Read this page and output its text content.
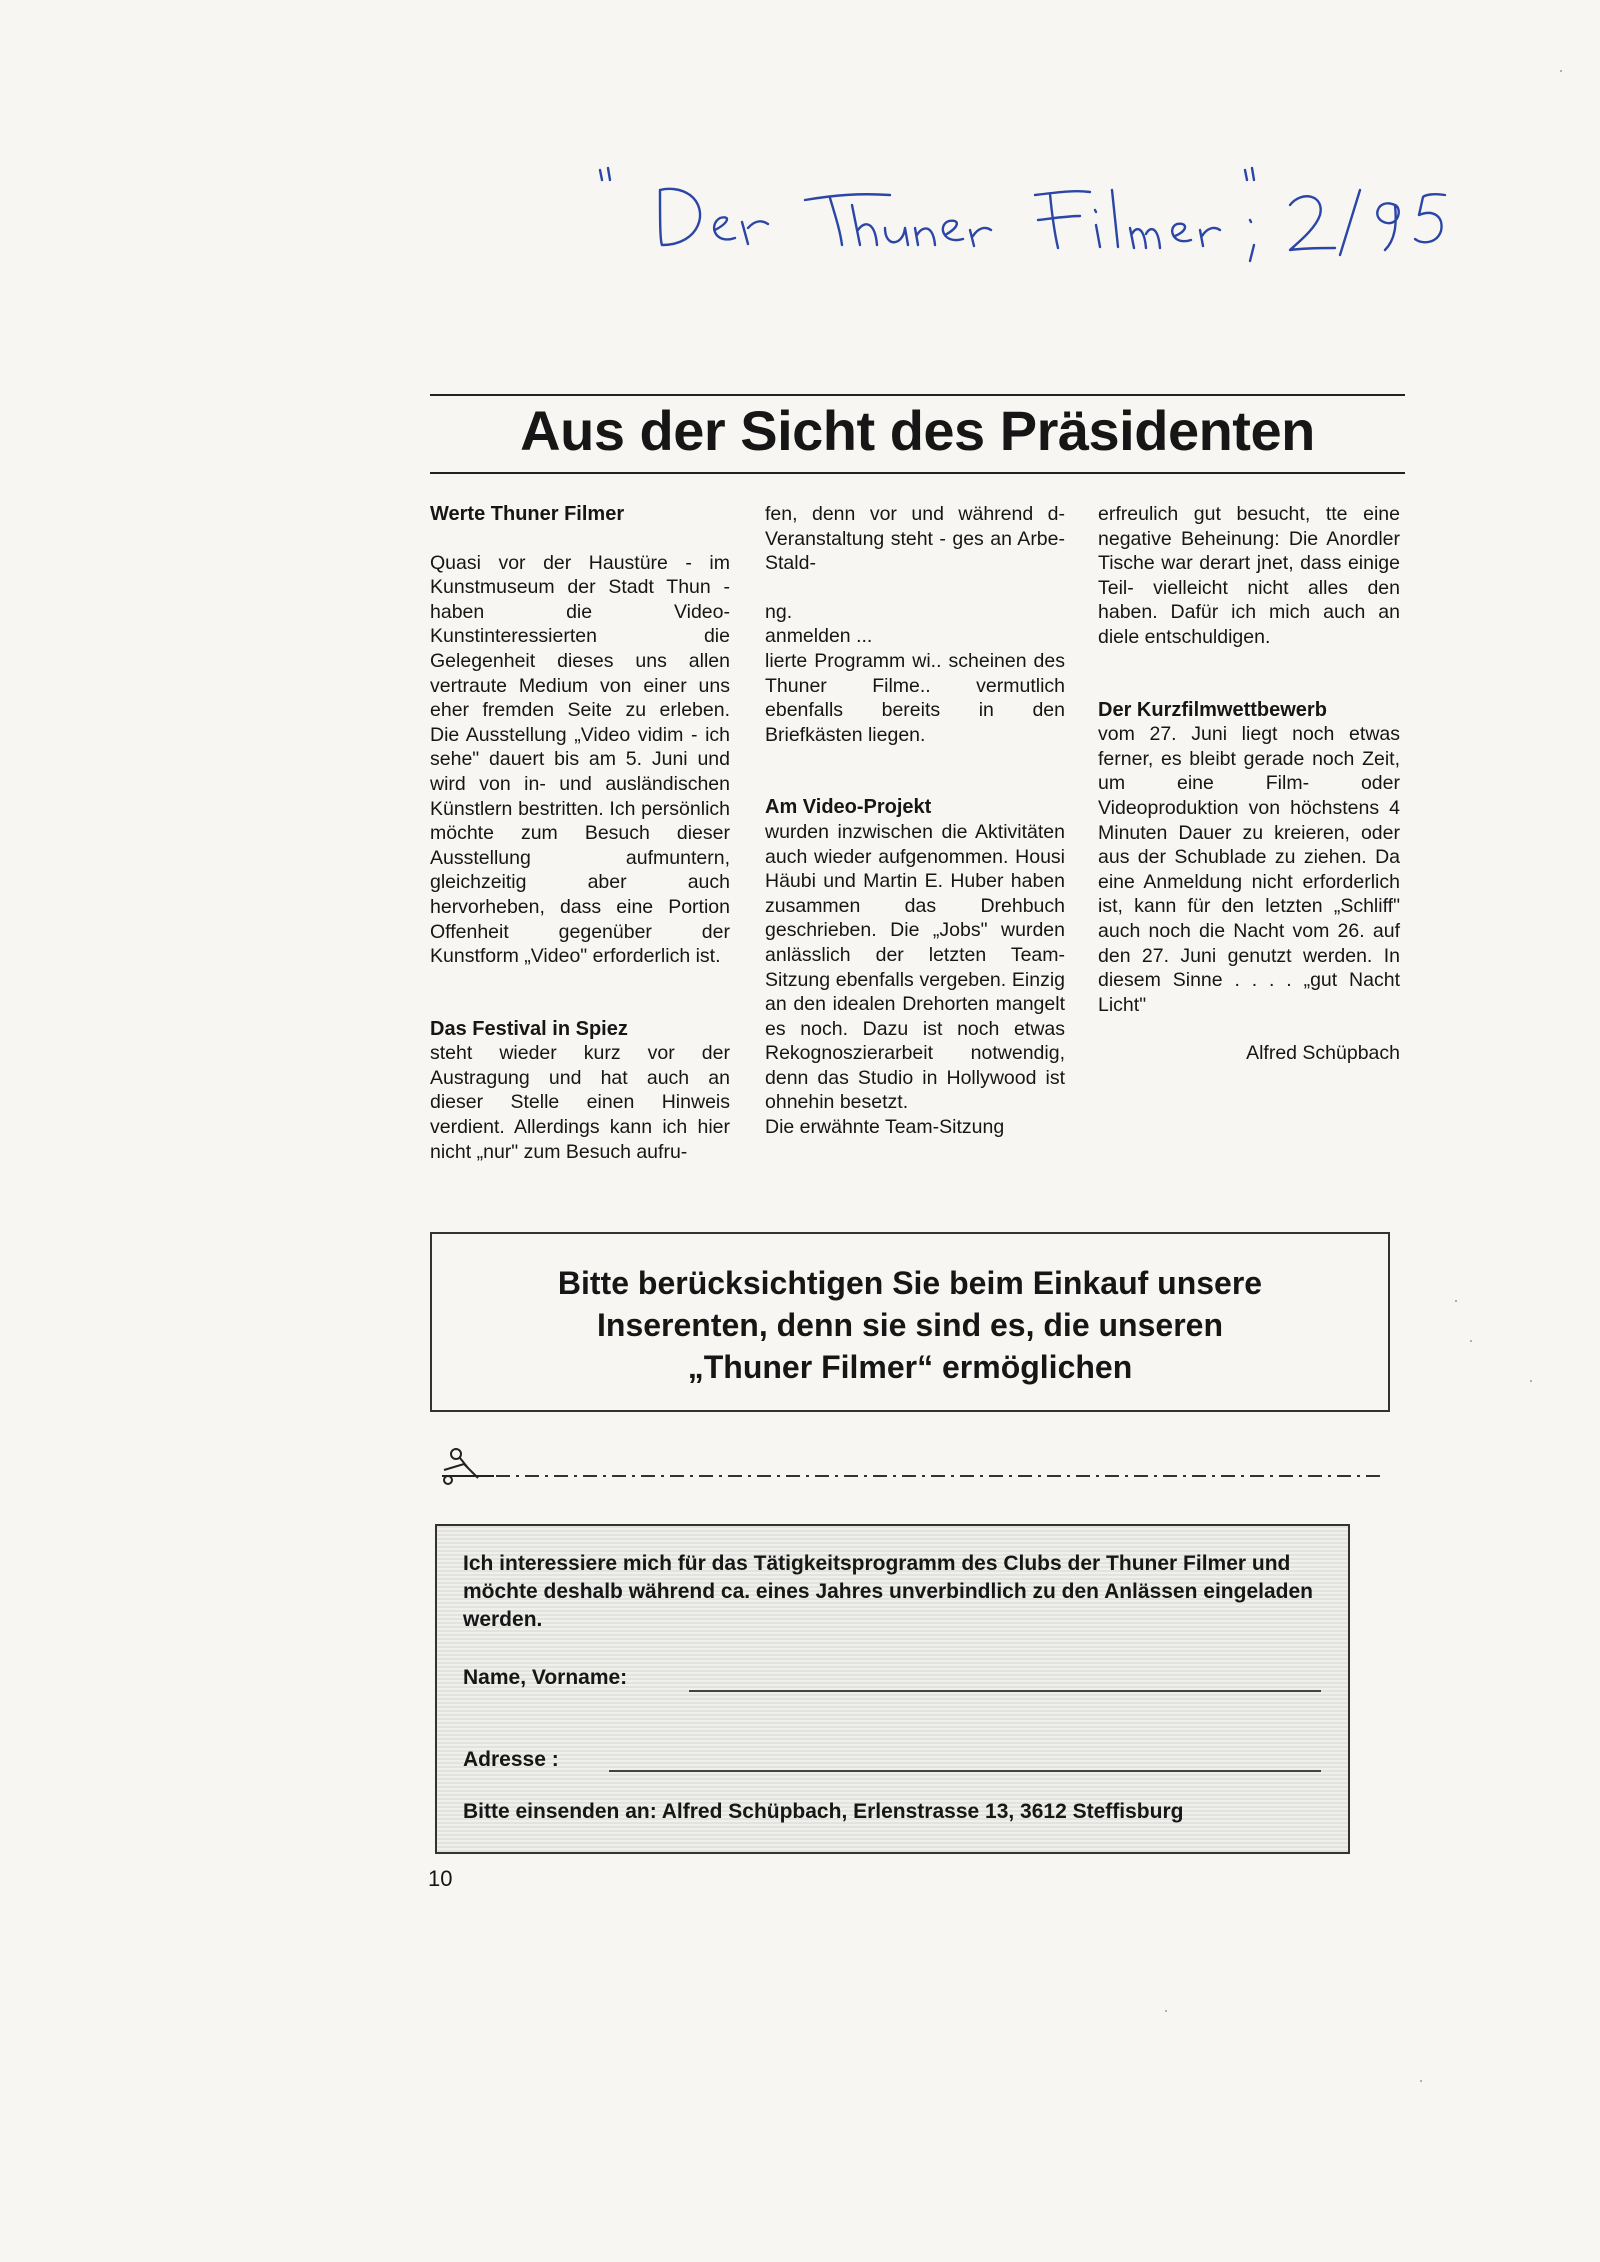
Aus der Sicht des Präsidenten

Werte Thuner Filmer

Quasi vor der Haustüre - im Kunstmuseum der Stadt Thun - haben die Video-Kunstinteressierten die Gelegenheit dieses uns allen vertraute Medium von einer uns eher fremden Seite zu erleben. Die Ausstellung „Video vidim - ich sehe" dauert bis am 5. Juni und wird von in- und ausländischen Künstlern bestritten. Ich persönlich möchte zum Besuch dieser Ausstellung aufmuntern, gleichzeitig aber auch hervorheben, dass eine Portion Offenheit gegenüber der Kunstform „Video" erforderlich ist.

Das Festival in Spiez

steht wieder kurz vor der Austragung und hat auch an dieser Stelle einen Hinweis verdient. Allerdings kann ich hier nicht „nur" zum Besuch aufru-

fen, denn vor und während d- Veranstaltung steht - ges an Arbe- Stald-

ng.

anmelden ...

lierte Programm wi.. scheinen des Thuner Filme.. vermutlich ebenfalls bereits in den Briefkästen liegen.

Am Video-Projekt

wurden inzwischen die Aktivitäten auch wieder aufgenommen. Housi Häubi und Martin E. Huber haben zusammen das Drehbuch geschrieben. Die „Jobs" wurden anlässlich der letzten Team-Sitzung ebenfalls vergeben. Einzig an den idealen Drehorten mangelt es noch. Dazu ist noch etwas Rekognoszierarbeit notwendig, denn das Studio in Hollywood ist ohnehin besetzt.

Die erwähnte Team-Sitzung

erfreulich gut besucht, tte eine negative Beheinung: Die Anordler Tische war derart jnet, dass einige Teil- vielleicht nicht alles den haben. Dafür ich mich auch an diele entschuldigen.

Der Kurzfilmwettbewerb

vom 27. Juni liegt noch etwas ferner, es bleibt gerade noch Zeit, um eine Film- oder Videoproduktion von höchstens 4 Minuten Dauer zu kreieren, oder aus der Schublade zu ziehen. Da eine Anmeldung nicht erforderlich ist, kann für den letzten „Schliff" auch noch die Nacht vom 26. auf den 27. Juni genutzt werden. In diesem Sinne . . . . „gut Nacht Licht"

Alfred Schüpbach

Bitte berücksichtigen Sie beim Einkauf unsere
Inserenten, denn sie sind es, die unseren
„Thuner Filmer“ ermöglichen

Ich interessiere mich für das Tätigkeitsprogramm des Clubs der Thuner Filmer und möchte deshalb während ca. eines Jahres unverbindlich zu den Anlässen eingeladen werden.

Name, Vorname:
Adresse :

Bitte einsenden an: Alfred Schüpbach, Erlenstrasse 13, 3612 Steffisburg

10
